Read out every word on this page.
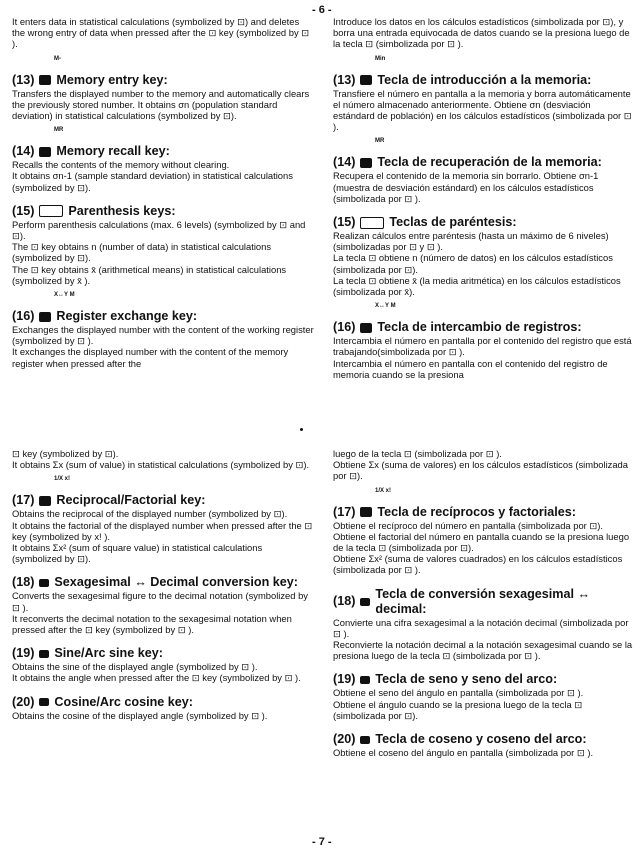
- 6 -

It enters data in statistical calculations (symbolized by ⊡) and deletes the wrong entry of data when pressed after the ⊡ key (symbolized by ⊡ ).

M-
(13) Memory entry key:

Transfers the displayed number to the memory and automatically clears the previously stored number. It obtains σn (population standard deviation) in statistical calculations (symbolized by ⊡).

MR
(14) Memory recall key:

Recalls the contents of the memory without clearing.

It obtains σn-1 (sample standard deviation) in statistical calculations (symbolized by ⊡).

(15)	Parenthesis keys:

Perform parenthesis calculations (max. 6 levels) (symbolized by ⊡ and ⊡).

The ⊡ key obtains n (number of data) in statistical calculations (symbolized by ⊡).

The ⊡ key obtains x̄ (arithmetical means) in statistical calculations (symbolized by x̄ ).

X↔Y M
(16) Register exchange key:

Exchanges the displayed number with the content of the working register (symbolized by ⊡ ).

It exchanges the displayed number with the content of the memory register when pressed after the

Introduce los datos en los cálculos estadísticos (simbolizada por ⊡), y borra una entrada equivocada de datos cuando se la presiona luego de la tecla ⊡ (simbolizada por ⊡ ).

Min
(13) Tecla de introducción a la memoria:

Transfiere el número en pantalla a la memoria y borra automáticamente el número almacenado anteriormente. Obtiene σn (desviación estándard de población) en los cálculos estadísticos (simbolizada por ⊡ ).

MR
(14) Tecla de recuperación de la memoria:

Recupera el contenido de la memoria sin borrarlo. Obtiene σn-1 (muestra de desviación estándard) en los cálculos estadísticos (simbolizada por ⊡ ).

(15)	Teclas de paréntesis:

Realizan cálculos entre paréntesis (hasta un máximo de 6 niveles) (simbolizadas por ⊡ y ⊡ ).

La tecla ⊡ obtiene n (número de datos) en los cálculos estadísticos (simbolizada por ⊡).

La tecla ⊡ obtiene x̄ (la media aritmética) en los cálculos estadísticos (simbolizada por x̄).

X↔Y M
(16) Tecla de intercambio de registros:

Intercambia el número en pantalla por el contenido del registro que está trabajando(simbolizada por ⊡ ).

Intercambia el número en pantalla con el contenido del registro de memoria cuando se la presiona

⊡ key (symbolized by ⊡).

It obtains Σx (sum of value) in statistical calculations (symbolized by ⊡).

1/X x!
(17) Reciprocal/Factorial key:

Obtains the reciprocal of the displayed number (symbolized by ⊡).

It obtains the factorial of the displayed number when pressed after the ⊡ key (symbolized by x! ).

It obtains Σx² (sum of square value) in statistical calculations (symbolized by ⊡).

(18) Sexagesimal ↔ Decimal conversion key:

Converts the sexagesimal figure to the decimal notation (symbolized by ⊡ ).

It reconverts the decimal notation to the sexagesimal notation when pressed after the ⊡ key (symbolized by ⊡ ).

(19) Sine/Arc sine key:

Obtains the sine of the displayed angle (symbolized by ⊡ ).

It obtains the angle when pressed after the ⊡ key (symbolized by ⊡ ).

(20) Cosine/Arc cosine key:

Obtains the cosine of the displayed angle (symbolized by ⊡ ).

luego de la tecla ⊡ (simbolizada por ⊡ ).

Obtiene Σx (suma de valores) en los cálculos estadísticos (simbolizada por ⊡).

1/X x!
(17) Tecla de recíprocos y factoriales:

Obtiene el recíproco del número en pantalla (simbolizada por ⊡).

Obtiene el factorial del número en pantalla cuando se la presiona luego de la tecla ⊡ (simbolizada por ⊡).

Obtiene Σx² (suma de valores cuadrados) en los cálculos estadísticos (simbolizada por ⊡ ).

(18)
Tecla de conversión sexagesimal ↔ decimal:

Convierte una cifra sexagesimal a la notación decimal (simbolizada por ⊡ ).

Reconvierte la notación decimal a la notación sexagesimal cuando se la presiona luego de la tecla ⊡ (simbolizada por ⊡ ).

(19) Tecla de seno y seno del arco:

Obtiene el seno del ángulo en pantalla (simbolizada por ⊡ ).

Obtiene el ángulo cuando se la presiona luego de la tecla ⊡ (simbolizada por ⊡).

(20) Tecla de coseno y coseno del arco:

Obtiene el coseno del ángulo en pantalla (simbolizada por ⊡ ).

- 7 -
